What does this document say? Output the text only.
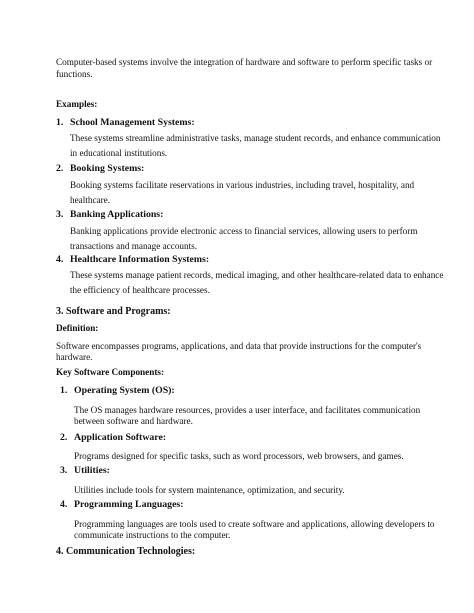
Computer-based systems involve the integration of hardware and software to perform specific tasks or
functions.
Examples:
1. School Management Systems:
These systems streamline administrative tasks, manage student records, and enhance communication
in educational institutions.
2. Booking Systems:
Booking systems facilitate reservations in various industries, including travel, hospitality, and
healthcare.
3. Banking Applications:
Banking applications provide electronic access to financial services, allowing users to perform
transactions and manage accounts.
4. Healthcare Information Systems:
These systems manage patient records, medical imaging, and other healthcare-related data to enhance
the efficiency of healthcare processes.
3. Software and Programs:
Definition:
Software encompasses programs, applications, and data that provide instructions for the computer's
hardware.
Key Software Components:
1. Operating System (OS):
The OS manages hardware resources, provides a user interface, and facilitates communication
between software and hardware.
2. Application Software:
Programs designed for specific tasks, such as word processors, web browsers, and games.
3. Utilities:
Utilities include tools for system maintenance, optimization, and security.
4. Programming Languages:
Programming languages are tools used to create software and applications, allowing developers to
communicate instructions to the computer.
4. Communication Technologies:
